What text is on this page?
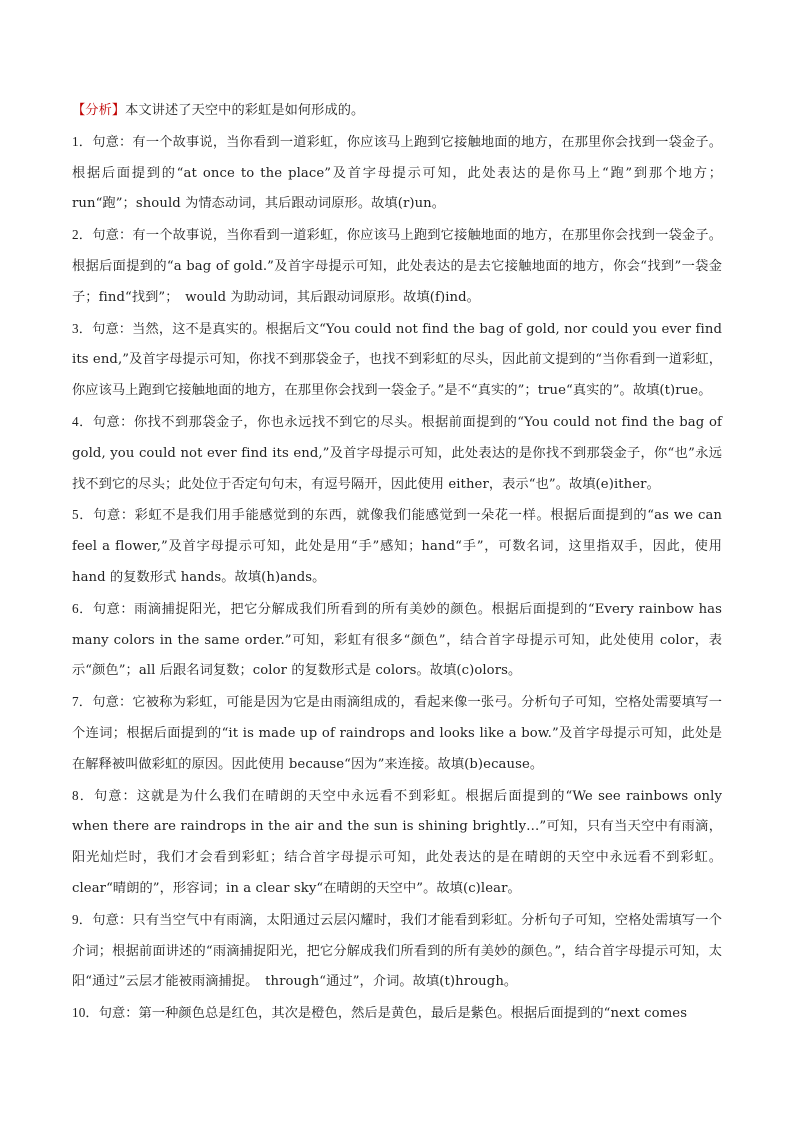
【分析】本文讲述了天空中的彩虹是如何形成的。

1．句意：有一个故事说，当你看到一道彩虹，你应该马上跑到它接触地面的地方，在那里你会找到一袋金子。根据后面提到的“at once to the place”及首字母提示可知，此处表达的是你马上“跑”到那个地方；run“跑”；should 为情态动词，其后跟动词原形。故填(r)un。

2．句意：有一个故事说，当你看到一道彩虹，你应该马上跑到它接触地面的地方，在那里你会找到一袋金子。根据后面提到的“a bag of gold.”及首字母提示可知，此处表达的是去它接触地面的地方，你会“找到”一袋金子；find“找到”；　would 为助动词，其后跟动词原形。故填(f)ind。

3．句意：当然，这不是真实的。根据后文“You could not find the bag of gold, nor could you ever find its end,”及首字母提示可知，你找不到那袋金子，也找不到彩虹的尽头，因此前文提到的“当你看到一道彩虹，你应该马上跑到它接触地面的地方，在那里你会找到一袋金子。”是不“真实的”；true“真实的”。故填(t)rue。

4．句意：你找不到那袋金子，你也永远找不到它的尽头。根据前面提到的“You could not find the bag of gold, you could not ever find its end,”及首字母提示可知，此处表达的是你找不到那袋金子，你“也”永远找不到它的尽头；此处位于否定句句末，有逗号隔开，因此使用 either，表示“也”。故填(e)ither。

5．句意：彩虹不是我们用手能感觉到的东西，就像我们能感觉到一朵花一样。根据后面提到的“as we can feel a flower,”及首字母提示可知，此处是用“手”感知；hand“手”，可数名词，这里指双手，因此，使用 hand 的复数形式 hands。故填(h)ands。

6．句意：雨滴捕捉阳光，把它分解成我们所看到的所有美妙的颜色。根据后面提到的“Every rainbow has many colors in the same order.”可知，彩虹有很多“颜色”，结合首字母提示可知，此处使用 color，表示“颜色”；all 后跟名词复数；color 的复数形式是 colors。故填(c)olors。

7．句意：它被称为彩虹，可能是因为它是由雨滴组成的，看起来像一张弓。分析句子可知，空格处需要填写一个连词；根据后面提到的“it is made up of raindrops and looks like a bow.”及首字母提示可知，此处是在解释被叫做彩虹的原因。因此使用 because“因为”来连接。故填(b)ecause。

8．句意：这就是为什么我们在晴朗的天空中永远看不到彩虹。根据后面提到的“We see rainbows only when there are raindrops in the air and the sun is shining brightly…”可知，只有当天空中有雨滴，阳光灿烂时，我们才会看到彩虹；结合首字母提示可知，此处表达的是在晴朗的天空中永远看不到彩虹。clear“晴朗的”，形容词；in a clear sky“在晴朗的天空中”。故填(c)lear。

9．句意：只有当空气中有雨滴，太阳通过云层闪耀时，我们才能看到彩虹。分析句子可知，空格处需填写一个介词；根据前面讲述的“雨滴捕捉阳光，把它分解成我们所看到的所有美妙的颜色。”，结合首字母提示可知，太阳“通过”云层才能被雨滴捕捉。　through“通过”，介词。故填(t)hrough。

10．句意：第一种颜色总是红色，其次是橙色，然后是黄色，最后是紫色。根据后面提到的“next comes
